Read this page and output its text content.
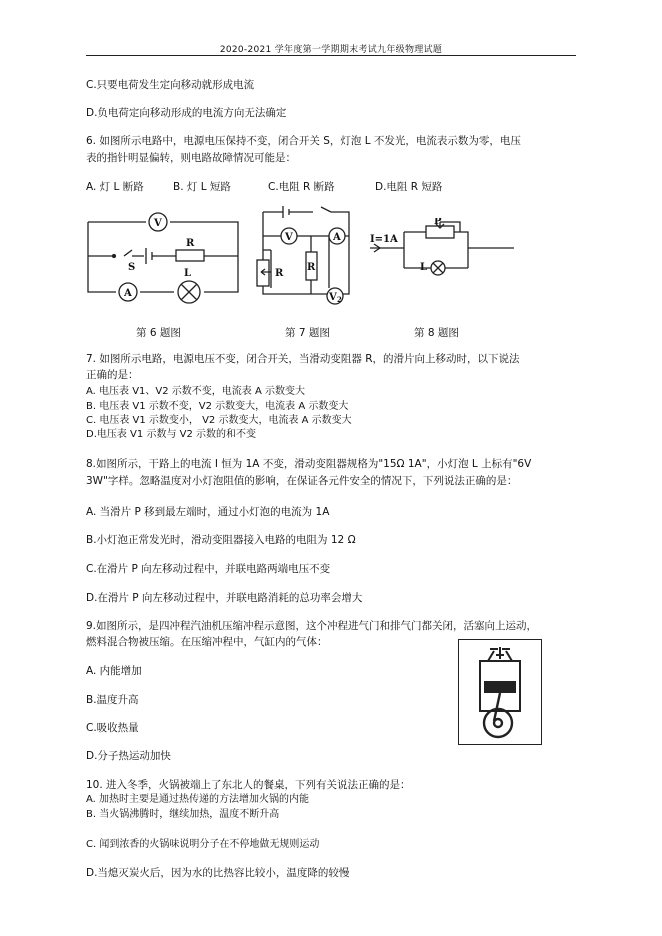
2020-2021 学年度第一学期期末考试九年级物理试题
C.只要电荷发生定向移动就形成电流
D.负电荷定向移动形成的电流方向无法确定
6. 如图所示电路中，电源电压保持不变，闭合开关 S，灯泡 L 不发光，电流表示数为零，电压
表的指针明显偏转，则电路故障情况可能是：
A. 灯 L 断路	B. 灯 L 短路	C.电阻 R 断路	D.电阻 R 短路
V
R
S
L
A
第 6 题图
V	A
R
R
V 2
第 7 题图
I=1A
P
L
第 8 题图
7. 如图所示电路，电源电压不变，闭合开关，当滑动变阻器 R，的滑片向上移动时，以下说法
正确的是：
A. 电压表 V1、V2 示数不变，电流表 A 示数变大
B. 电压表 V1 示数不变，V2 示数变大，电流表 A 示数变大
C. 电压表 V1 示数变小， V2 示数变大，电流表 A 示数变大
D.电压表 V1 示数与 V2 示数的和不变
8.如图所示，干路上的电流 I 恒为 1A 不变，滑动变阻器规格为"15Ω 1A"，小灯泡 L 上标有"6V
3W"字样。忽略温度对小灯泡阻值的影响，在保证各元件安全的情况下，下列说法正确的是：
A. 当滑片 P 移到最左端时，通过小灯泡的电流为 1A
B.小灯泡正常发光时，滑动变阻器接入电路的电阻为 12 Ω
C.在滑片 P 向左移动过程中，并联电路两端电压不变
D.在滑片 P 向左移动过程中，并联电路消耗的总功率会增大
9.如图所示，是四冲程汽油机压缩冲程示意图，这个冲程进气门和排气门都关闭，活塞向上运动，
燃料混合物被压缩。在压缩冲程中，气缸内的气体：
A. 内能增加
B.温度升高
C.吸收热量
D.分子热运动加快
10. 进入冬季，火锅被端上了东北人的餐桌，下列有关说法正确的是：
A. 加热时主要是通过热传递的方法增加火锅的内能
B. 当火锅沸腾时，继续加热，温度不断升高
C. 闻到浓香的火锅味说明分子在不停地做无规则运动
D.当熄灭炭火后，因为水的比热容比较小，温度降的较慢
